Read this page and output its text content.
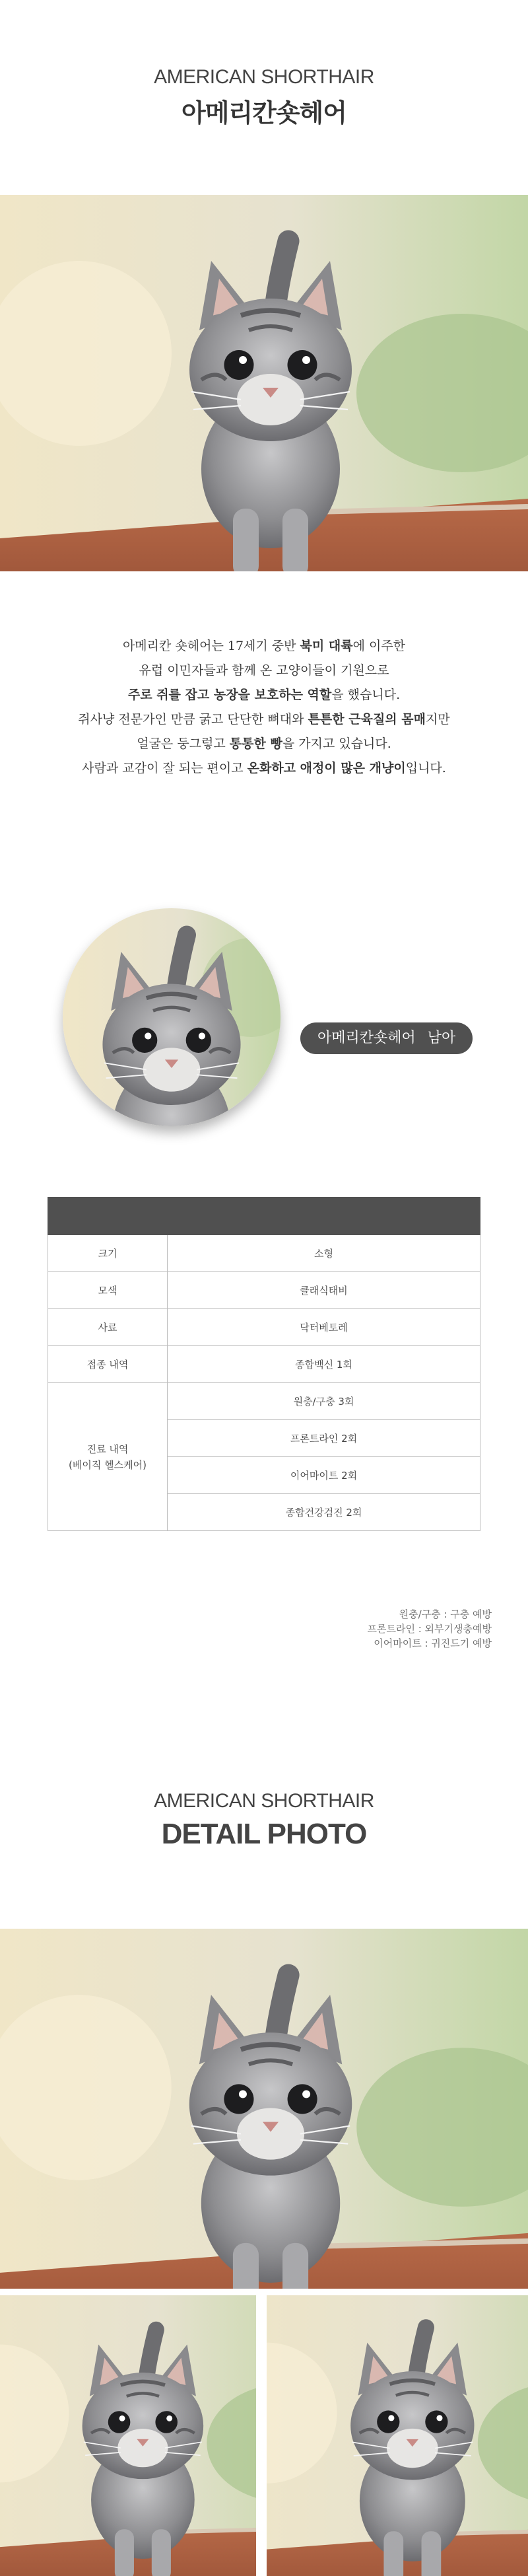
AMERICAN SHORTHAIR
아메리칸숏헤어
아메리칸 숏헤어는 17세기 중반 북미 대륙에 이주한
유럽 이민자들과 함께 온 고양이들이 기원으로
주로 쥐를 잡고 농장을 보호하는 역할을 했습니다.
쥐사냥 전문가인 만큼 굵고 단단한 뼈대와 튼튼한 근육질의 몸매지만
얼굴은 둥그렇고 통통한 빵을 가지고 있습니다.
사람과 교감이 잘 되는 편이고 온화하고 애정이 많은 개냥이입니다.
아메리칸숏헤어 남아

크기	소형
모색	클래식태비
사료	닥터베토레
접종 내역	종합백신 1회

진료 내역
(베이직 헬스케어)	원충/구충 3회
	프론트라인 2회
	이어마이트 2회
	종합건강검진 2회
원충/구충 : 구충 예방
프론트라인 : 외부기생충예방
이어마이트 : 귀진드기 예방
AMERICAN SHORTHAIR
DETAIL PHOTO
